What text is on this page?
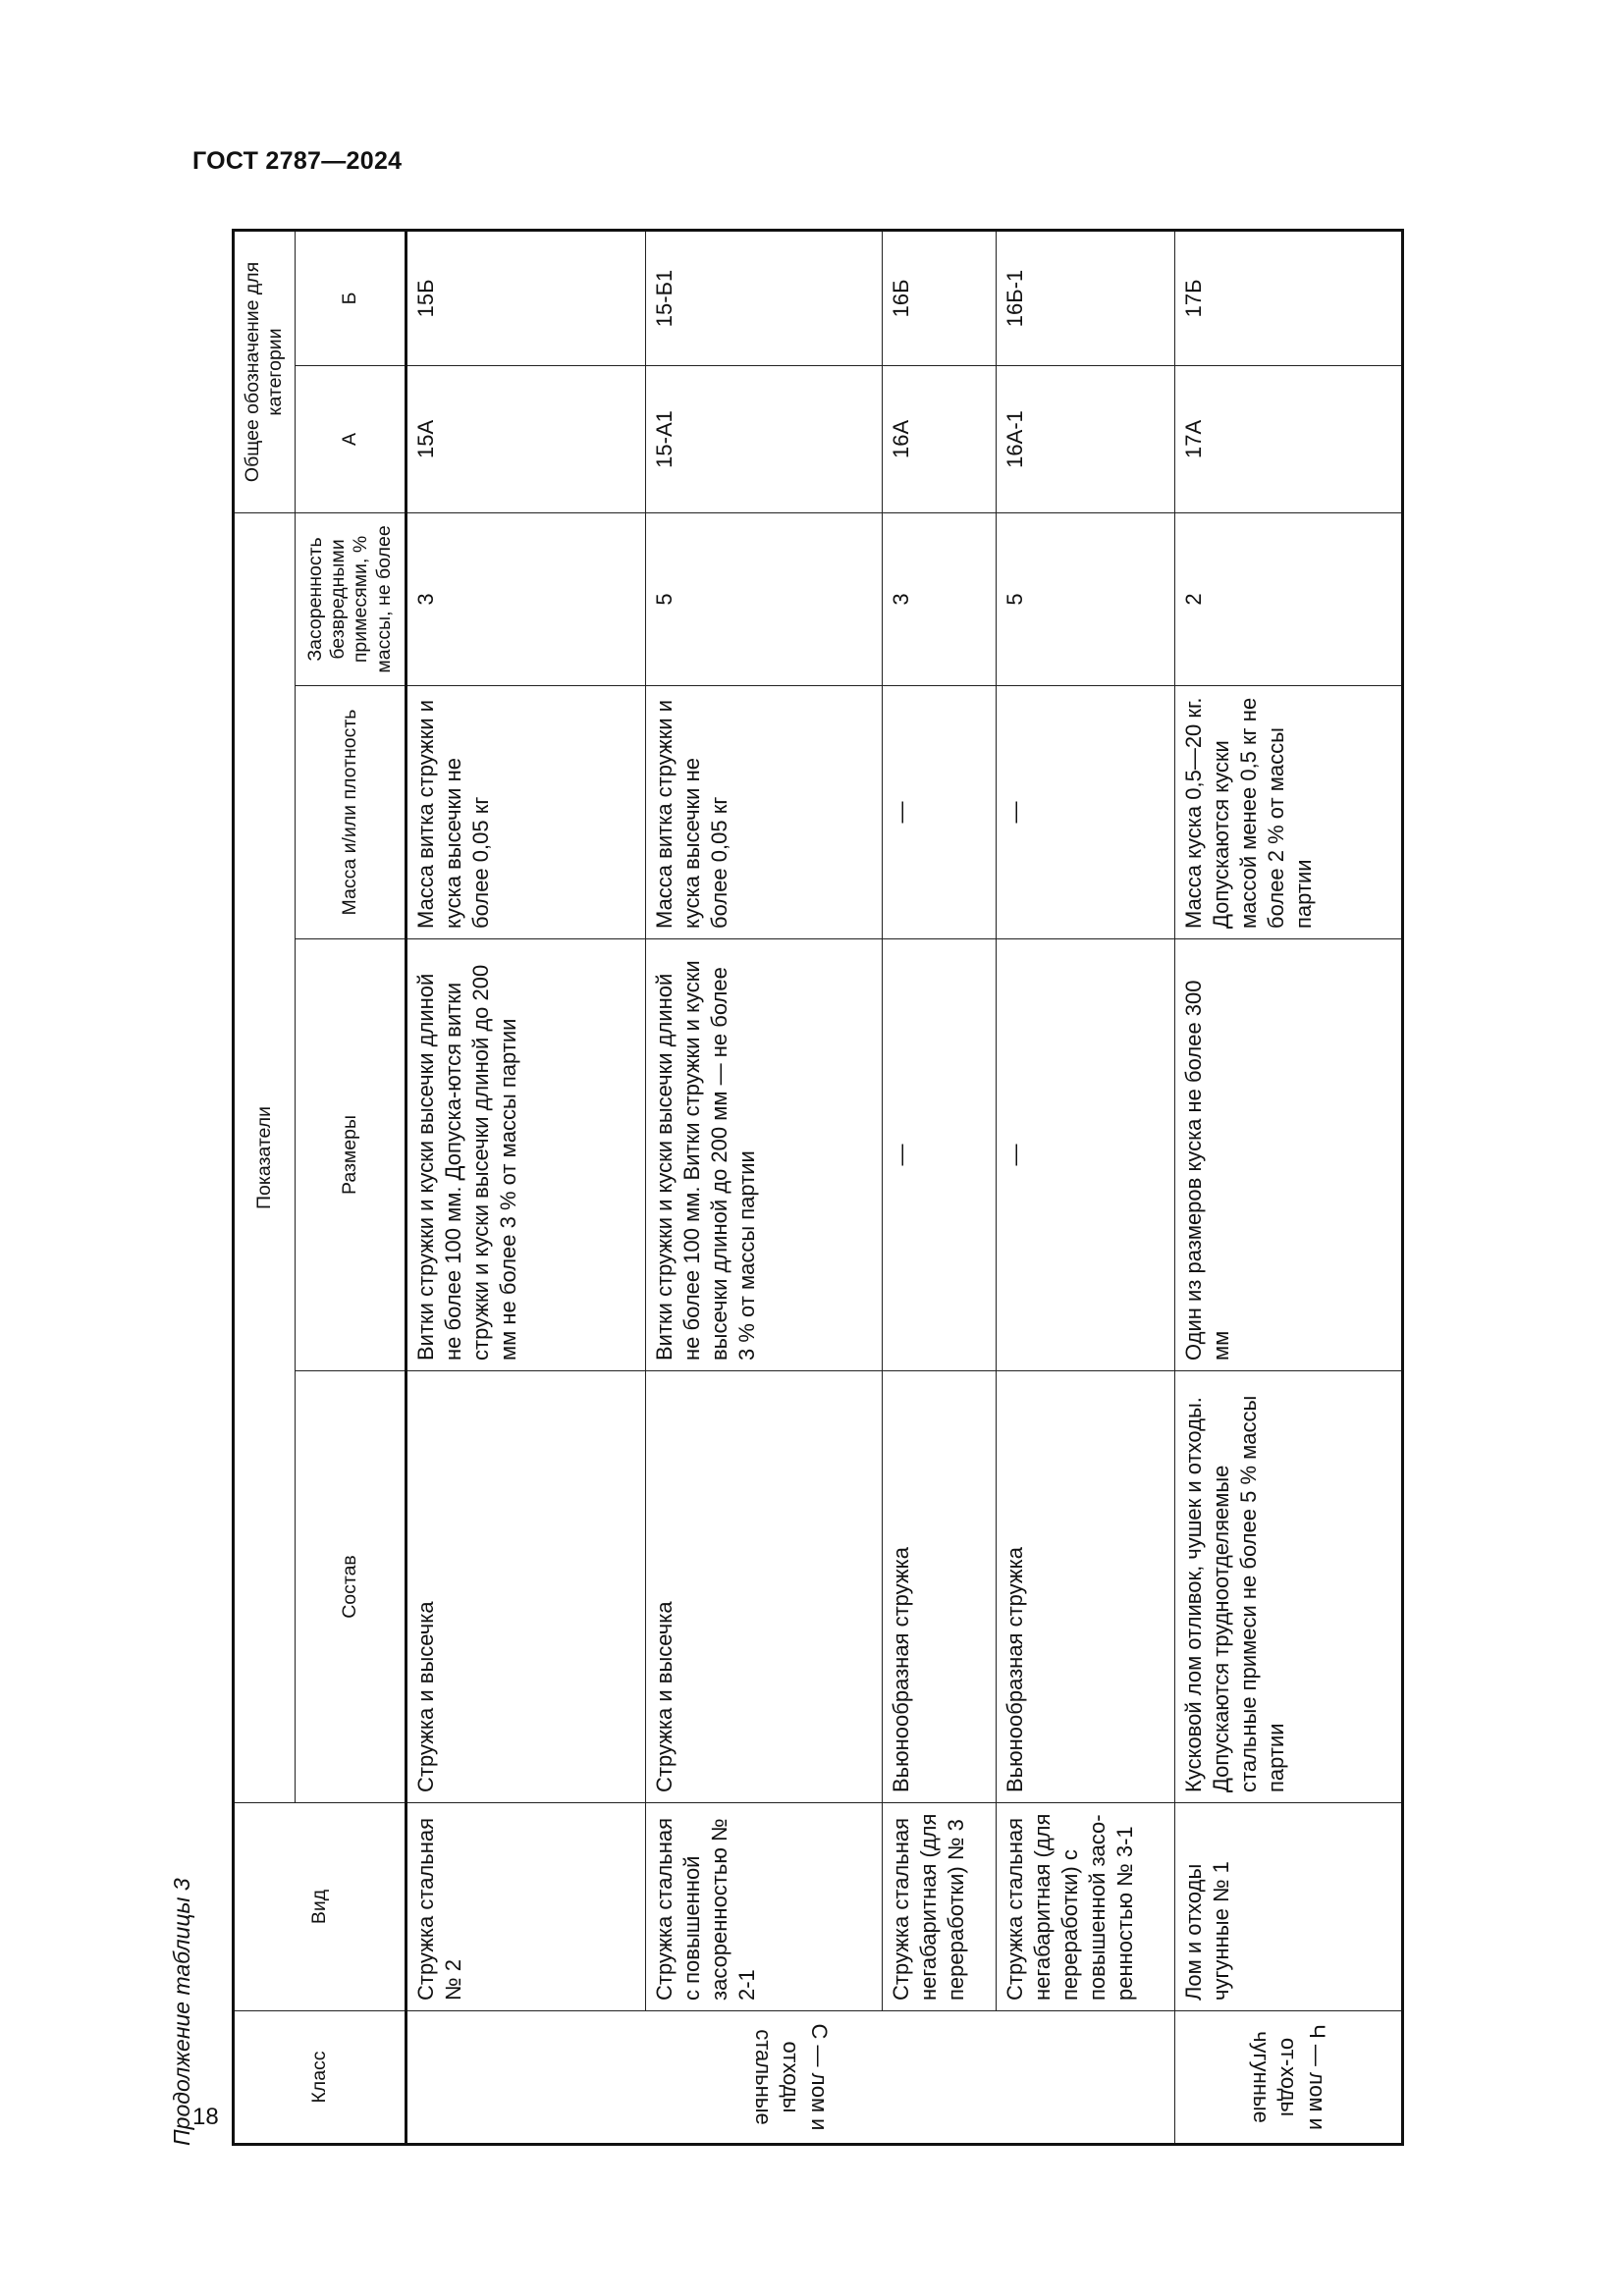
ГОСТ 2787—2024
Продолжение таблицы 3	Класс	Вид	Показатели				Общее обозначение для категории	
		Состав	Размеры	Масса и/или плотность	Засоренность безвредными примесями, % массы, не более	А	Б
С — лом и отходы стальные	Стружка стальная № 2	Стружка и высечка	Витки стружки и куски высечки длиной не более 100 мм. Допуска-ются витки стружки и куски высечки длиной до 200 мм не более 3 % от массы партии	Масса витка стружки и куска высечки не более 0,05 кг	3	15А	15Б
	Стружка стальная с повышенной засоренностью № 2-1	Стружка и высечка	Витки стружки и куски высечки длиной не более 100 мм. Витки стружки и куски высечки длиной до 200 мм — не более 3 % от массы партии	Масса витка стружки и куска высечки не более 0,05 кг	5	15-А1	15-Б1
	Стружка стальная негабаритная (для переработки) № 3	Вьюнообразная стружка	—	—	3	16А	16Б
	Стружка стальная негабаритная (для переработки) с повышенной засо-ренностью № 3-1	Вьюнообразная стружка	—	—	5	16А-1	16Б-1
Ч — лом и от-ходы чугунные	Лом и отходы чугунные № 1	Кусковой лом отливок, чушек и отходы. Допускаются трудноотделяемые стальные примеси не более 5 % массы партии	Один из размеров куска не более 300 мм	Масса куска 0,5—20 кг. Допускаются куски массой менее 0,5 кг не более 2 % от массы партии	2	17А	17Б
18
